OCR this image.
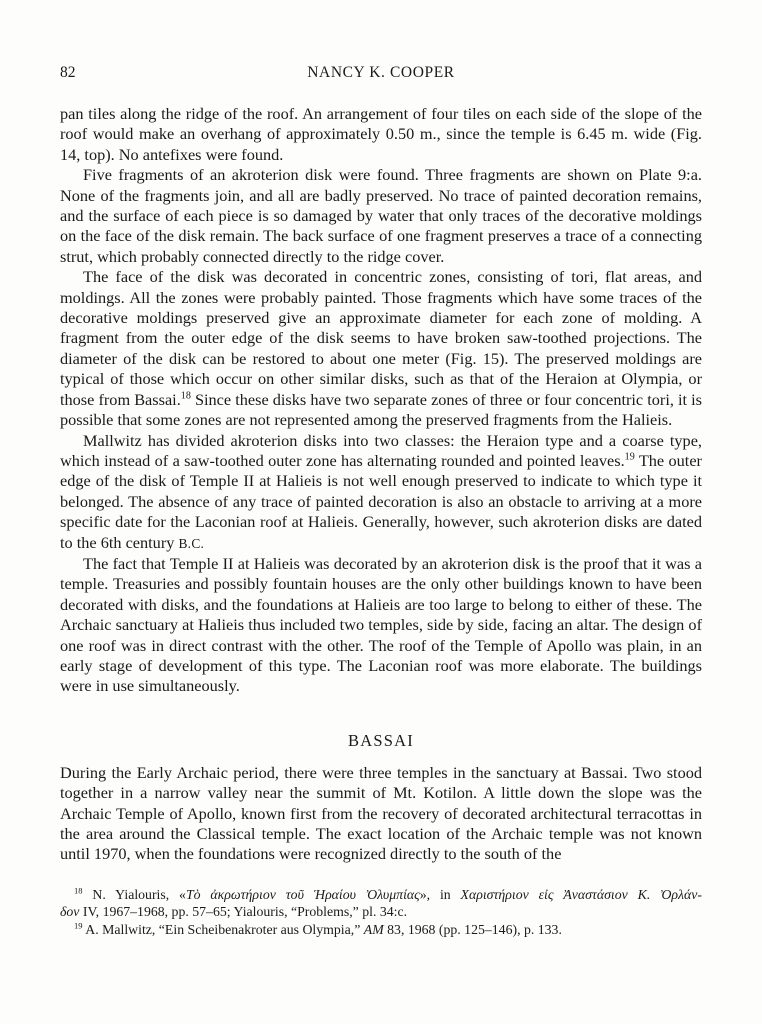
82	NANCY K. COOPER

pan tiles along the ridge of the roof. An arrangement of four tiles on each side of the slope of the roof would make an overhang of approximately 0.50 m., since the temple is 6.45 m. wide (Fig. 14, top). No antefixes were found.

Five fragments of an akroterion disk were found. Three fragments are shown on Plate 9:a. None of the fragments join, and all are badly preserved. No trace of painted decoration remains, and the surface of each piece is so damaged by water that only traces of the decorative moldings on the face of the disk remain. The back surface of one fragment preserves a trace of a connecting strut, which probably connected directly to the ridge cover.

The face of the disk was decorated in concentric zones, consisting of tori, flat areas, and moldings. All the zones were probably painted. Those fragments which have some traces of the decorative moldings preserved give an approximate diameter for each zone of molding. A fragment from the outer edge of the disk seems to have broken saw-toothed projections. The diameter of the disk can be restored to about one meter (Fig. 15). The preserved moldings are typical of those which occur on other similar disks, such as that of the Heraion at Olympia, or those from Bassai.$^{18}$ Since these disks have two separate zones of three or four concentric tori, it is possible that some zones are not represented among the preserved fragments from the Halieis.

Mallwitz has divided akroterion disks into two classes: the Heraion type and a coarse type, which instead of a saw-toothed outer zone has alternating rounded and pointed leaves.$^{19}$ The outer edge of the disk of Temple II at Halieis is not well enough preserved to indicate to which type it belonged. The absence of any trace of painted decoration is also an obstacle to arriving at a more specific date for the Laconian roof at Halieis. Generally, however, such akroterion disks are dated to the 6th century B.C.

The fact that Temple II at Halieis was decorated by an akroterion disk is the proof that it was a temple. Treasuries and possibly fountain houses are the only other buildings known to have been decorated with disks, and the foundations at Halieis are too large to belong to either of these. The Archaic sanctuary at Halieis thus included two temples, side by side, facing an altar. The design of one roof was in direct contrast with the other. The roof of the Temple of Apollo was plain, in an early stage of development of this type. The Laconian roof was more elaborate. The buildings were in use simultaneously.

BASSAI

During the Early Archaic period, there were three temples in the sanctuary at Bassai. Two stood together in a narrow valley near the summit of Mt. Kotilon. A little down the slope was the Archaic Temple of Apollo, known first from the recovery of decorated architectural terracottas in the area around the Classical temple. The exact location of the Archaic temple was not known until 1970, when the foundations were recognized directly to the south of the

$^{18}$ N. Yialouris, «Τὸ ἀκρωτήριον τοῦ Ἡραίου Ὀλυμπίας», in Χαριστήριον εἰς Ἀναστάσιον Κ. Ὀρλάν-
δον IV, 1967–1968, pp. 57–65; Yialouris, “Problems,” pl. 34:c.
$^{19}$ A. Mallwitz, “Ein Scheibenakroter aus Olympia,” AM 83, 1968 (pp. 125–146), p. 133.
